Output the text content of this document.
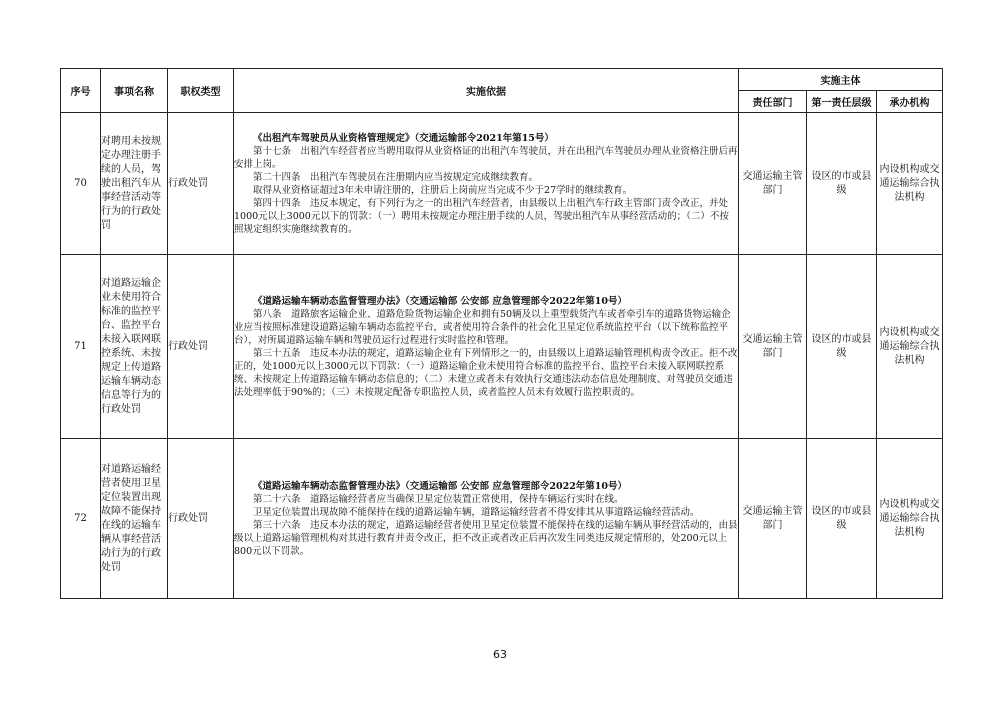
序号	事项名称	职权类型	实施依据	实施主体		
				责任部门	第一责任层级	承办机构
70	对聘用未按规定办理注册手续的人员，驾驶出租汽车从事经营活动等行为的行政处罚	行政处罚	《出租汽车驾驶员从业资格管理规定》（交通运输部令2021年第15号）

第十七条　出租汽车经营者应当聘用取得从业资格证的出租汽车驾驶员，并在出租汽车驾驶员办理从业资格注册后再安排上岗。

第二十四条　出租汽车驾驶员在注册期内应当按规定完成继续教育。

取得从业资格证超过3年未申请注册的，注册后上岗前应当完成不少于27学时的继续教育。

第四十四条　违反本规定，有下列行为之一的出租汽车经营者，由县级以上出租汽车行政主管部门责令改正，并处1000元以上3000元以下的罚款：（一）聘用未按规定办理注册手续的人员，驾驶出租汽车从事经营活动的；（二）不按照规定组织实施继续教育的。	交通运输主管部门	设区的市或县级	内设机构或交通运输综合执法机构
71	对道路运输企业未使用符合标准的监控平台、监控平台未接入联网联控系统、未按规定上传道路运输车辆动态信息等行为的行政处罚	行政处罚	《道路运输车辆动态监督管理办法》（交通运输部 公安部 应急管理部令2022年第10号）

第八条　道路旅客运输企业、道路危险货物运输企业和拥有50辆及以上重型载货汽车或者牵引车的道路货物运输企业应当按照标准建设道路运输车辆动态监控平台，或者使用符合条件的社会化卫星定位系统监控平台（以下统称监控平台），对所属道路运输车辆和驾驶员运行过程进行实时监控和管理。

第三十五条　违反本办法的规定，道路运输企业有下列情形之一的，由县级以上道路运输管理机构责令改正。拒不改正的，处1000元以上3000元以下罚款：（一）道路运输企业未使用符合标准的监控平台、监控平台未接入联网联控系统、未按规定上传道路运输车辆动态信息的；（二）未建立或者未有效执行交通违法动态信息处理制度、对驾驶员交通违法处理率低于90%的；（三）未按规定配备专职监控人员，或者监控人员未有效履行监控职责的。	交通运输主管部门	设区的市或县级	内设机构或交通运输综合执法机构
72	对道路运输经营者使用卫星定位装置出现故障不能保持在线的运输车辆从事经营活动行为的行政处罚	行政处罚	《道路运输车辆动态监督管理办法》（交通运输部 公安部 应急管理部令2022年第10号）

第二十六条　道路运输经营者应当确保卫星定位装置正常使用，保持车辆运行实时在线。

卫星定位装置出现故障不能保持在线的道路运输车辆，道路运输经营者不得安排其从事道路运输经营活动。

第三十六条　违反本办法的规定，道路运输经营者使用卫星定位装置不能保持在线的运输车辆从事经营活动的，由县级以上道路运输管理机构对其进行教育并责令改正，拒不改正或者改正后再次发生同类违反规定情形的，处200元以上800元以下罚款。	交通运输主管部门	设区的市或县级	内设机构或交通运输综合执法机构
63
